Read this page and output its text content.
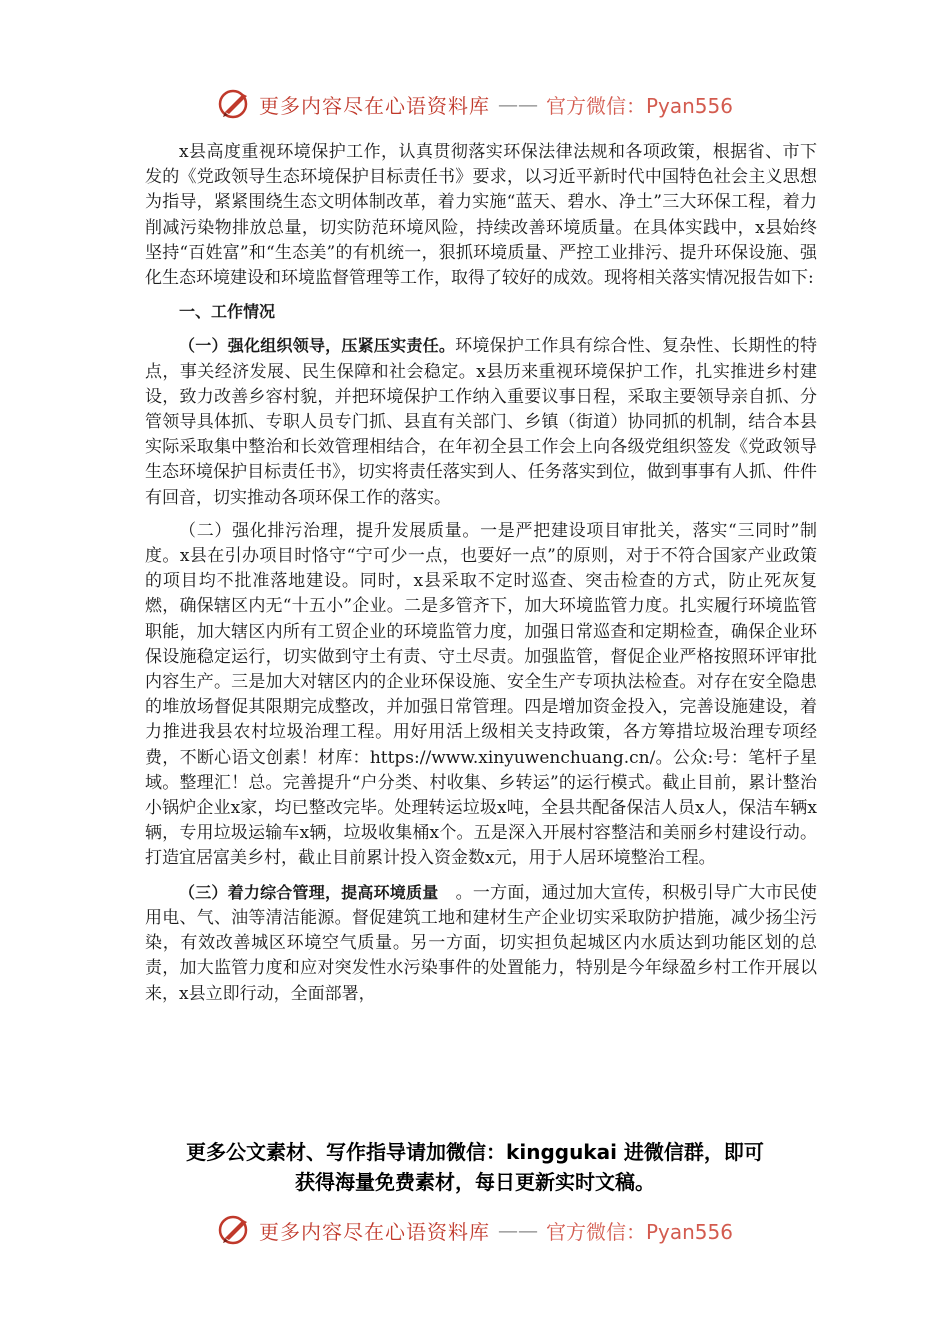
更多内容尽在心语资料库 —— 官方微信：Pyan556

x县高度重视环境保护工作，认真贯彻落实环保法律法规和各项政策，根据省、市下发的《党政领导生态环境保护目标责任书》要求，以习近平新时代中国特色社会主义思想为指导，紧紧围绕生态文明体制改革，着力实施“蓝天、碧水、净土”三大环保工程，着力削减污染物排放总量，切实防范环境风险，持续改善环境质量。在具体实践中，x县始终坚持“百姓富”和“生态美”的有机统一，狠抓环境质量、严控工业排污、提升环保设施、强化生态环境建设和环境监督管理等工作，取得了较好的成效。现将相关落实情况报告如下:

一、工作情况

（一）强化组织领导，压紧压实责任。环境保护工作具有综合性、复杂性、长期性的特点，事关经济发展、民生保障和社会稳定。x县历来重视环境保护工作，扎实推进乡村建设，致力改善乡容村貌，并把环境保护工作纳入重要议事日程，采取主要领导亲自抓、分管领导具体抓、专职人员专门抓、县直有关部门、乡镇（街道）协同抓的机制，结合本县实际采取集中整治和长效管理相结合，在年初全县工作会上向各级党组织签发《党政领导生态环境保护目标责任书》，切实将责任落实到人、任务落实到位，做到事事有人抓、件件有回音，切实推动各项环保工作的落实。

（二）强化排污治理，提升发展质量。一是严把建设项目审批关，落实“三同时”制度。x县在引办项目时恪守“宁可少一点，也要好一点”的原则，对于不符合国家产业政策的项目均不批准落地建设。同时，x县采取不定时巡查、突击检查的方式，防止死灰复燃，确保辖区内无“十五小”企业。二是多管齐下，加大环境监管力度。扎实履行环境监管职能，加大辖区内所有工贸企业的环境监管力度，加强日常巡查和定期检查，确保企业环保设施稳定运行，切实做到守土有责、守土尽责。加强监管，督促企业严格按照环评审批内容生产。三是加大对辖区内的企业环保设施、安全生产专项执法检查。对存在安全隐患的堆放场督促其限期完成整改，并加强日常管理。四是增加资金投入，完善设施建设，着力推进我县农村垃圾治理工程。用好用活上级相关支持政策，各方筹措垃圾治理专项经费，不断心语文创素！材库：https://www.xinyuwenchuang.cn/。公众:号：笔杆子星域。整理汇！总。完善提升“户分类、村收集、乡转运”的运行模式。截止目前，累计整治小锅炉企业x家，均已整改完毕。处理转运垃圾x吨，全县共配备保洁人员x人，保洁车辆x辆，专用垃圾运输车x辆，垃圾收集桶x个。五是深入开展村容整洁和美丽乡村建设行动。打造宜居富美乡村，截止目前累计投入资金数x元，用于人居环境整治工程。

（三）着力综合管理，提高环境质量　。一方面，通过加大宣传，积极引导广大市民使用电、气、油等清洁能源。督促建筑工地和建材生产企业切实采取防护措施，减少扬尘污染，有效改善城区环境空气质量。另一方面，切实担负起城区内水质达到功能区划的总责，加大监管力度和应对突发性水污染事件的处置能力，特别是今年绿盈乡村工作开展以来，x县立即行动，全面部署，

更多公文素材、写作指导请加微信：kinggukai 进微信群，即可
获得海量免费素材，每日更新实时文稿。
更多内容尽在心语资料库 —— 官方微信：Pyan556
